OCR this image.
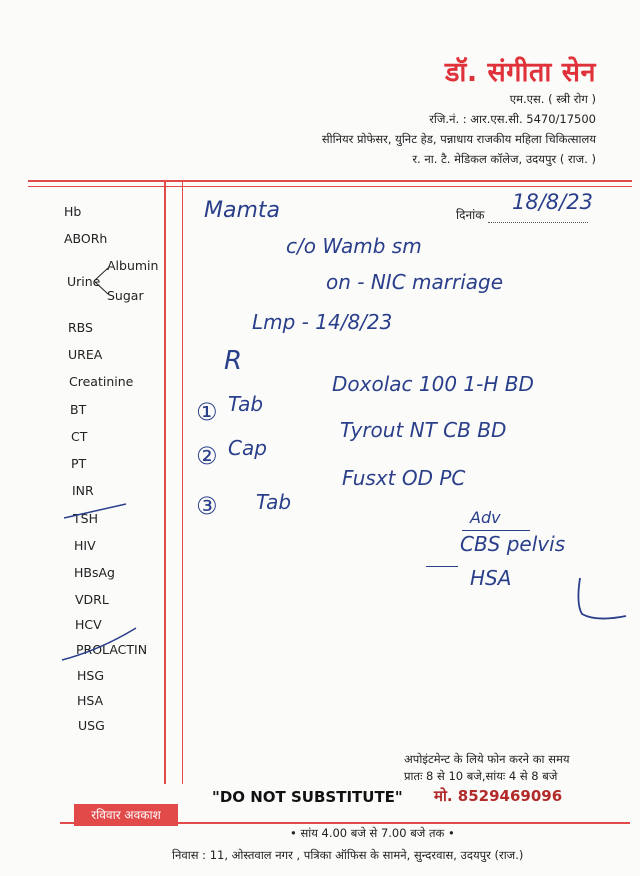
डॉ. संगीता सेन
एम.एस. ( स्त्री रोग )
रजि.नं. : आर.एस.सी. 5470/17500
सीनियर प्रोफेसर, युनिट हेड, पन्नाधाय राजकीय महिला चिकित्सालय
र. ना. टै. मेडिकल कॉलेज, उदयपुर ( राज. )
Hb
ABORh
Urine
Albumin
Sugar
RBS
UREA
Creatinine
BT
CT
PT
INR
TSH
HIV
HBsAg
VDRL
HCV
PROLACTIN
HSG
HSA
USG
दिनांक
18/8/23
Mamta
c/o Wamb sm
on - NIC marriage
Lmp - 14/8/23
R
① Tab
Doxolac 100 1-H BD
② Cap
Tyrout NT CB BD
③ Tab
Fusxt OD PC
Adv
CBS pelvis
HSA
अपोइंटमेन्ट के लिये फोन करने का समय
प्रातः 8 से 10 बजे,सांयः 4 से 8 बजे
"DO NOT SUBSTITUTE" मो. 8529469096
रविवार अवकाश
• सांय 4.00 बजे से 7.00 बजे तक •
निवास : 11, ओस्तवाल नगर , पत्रिका ऑफिस के सामने, सुन्दरवास, उदयपुर (राज.)
